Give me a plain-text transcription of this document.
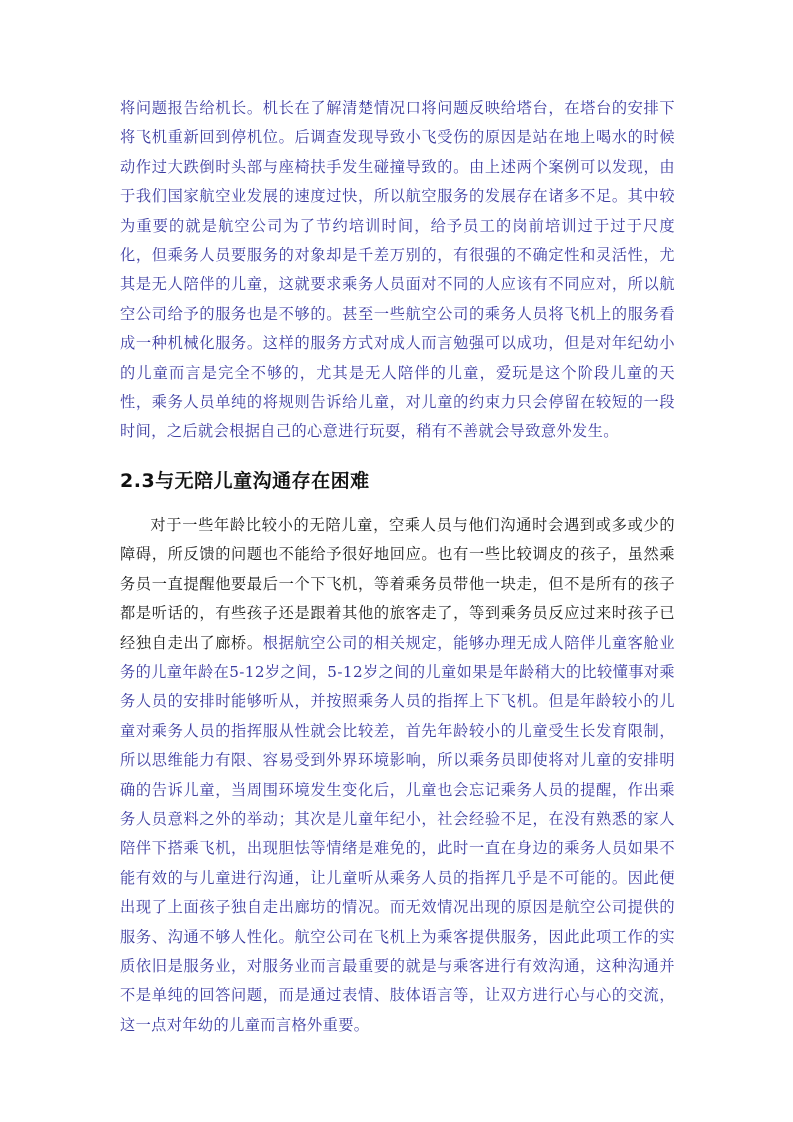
将问题报告给机长。机长在了解清楚情况口将问题反映给塔台，在塔台的安排下将飞机重新回到停机位。后调查发现导致小飞受伤的原因是站在地上喝水的时候动作过大跌倒时头部与座椅扶手发生碰撞导致的。由上述两个案例可以发现，由于我们国家航空业发展的速度过快，所以航空服务的发展存在诸多不足。其中较为重要的就是航空公司为了节约培训时间，给予员工的岗前培训过于过于尺度化，但乘务人员要服务的对象却是千差万别的，有很强的不确定性和灵活性，尤其是无人陪伴的儿童，这就要求乘务人员面对不同的人应该有不同应对，所以航空公司给予的服务也是不够的。甚至一些航空公司的乘务人员将飞机上的服务看成一种机械化服务。这样的服务方式对成人而言勉强可以成功，但是对年纪幼小的儿童而言是完全不够的，尤其是无人陪伴的儿童，爱玩是这个阶段儿童的天性，乘务人员单纯的将规则告诉给儿童，对儿童的约束力只会停留在较短的一段时间，之后就会根据自己的心意进行玩耍，稍有不善就会导致意外发生。

2.3与无陪儿童沟通存在困难

对于一些年龄比较小的无陪儿童，空乘人员与他们沟通时会遇到或多或少的障碍，所反馈的问题也不能给予很好地回应。也有一些比较调皮的孩子，虽然乘务员一直提醒他要最后一个下飞机，等着乘务员带他一块走，但不是所有的孩子都是听话的，有些孩子还是跟着其他的旅客走了，等到乘务员反应过来时孩子已经独自走出了廊桥。根据航空公司的相关规定，能够办理无成人陪伴儿童客舱业务的儿童年龄在5-12岁之间，5-12岁之间的儿童如果是年龄稍大的比较懂事对乘务人员的安排时能够听从，并按照乘务人员的指挥上下飞机。但是年龄较小的儿童对乘务人员的指挥服从性就会比较差，首先年龄较小的儿童受生长发育限制，所以思维能力有限、容易受到外界环境影响，所以乘务员即使将对儿童的安排明确的告诉儿童，当周围环境发生变化后，儿童也会忘记乘务人员的提醒，作出乘务人员意料之外的举动；其次是儿童年纪小，社会经验不足，在没有熟悉的家人陪伴下搭乘飞机，出现胆怯等情绪是难免的，此时一直在身边的乘务人员如果不能有效的与儿童进行沟通，让儿童听从乘务人员的指挥几乎是不可能的。因此便出现了上面孩子独自走出廊坊的情况。而无效情况出现的原因是航空公司提供的服务、沟通不够人性化。航空公司在飞机上为乘客提供服务，因此此项工作的实质依旧是服务业，对服务业而言最重要的就是与乘客进行有效沟通，这种沟通并不是单纯的回答问题，而是通过表情、肢体语言等，让双方进行心与心的交流，这一点对年幼的儿童而言格外重要。
